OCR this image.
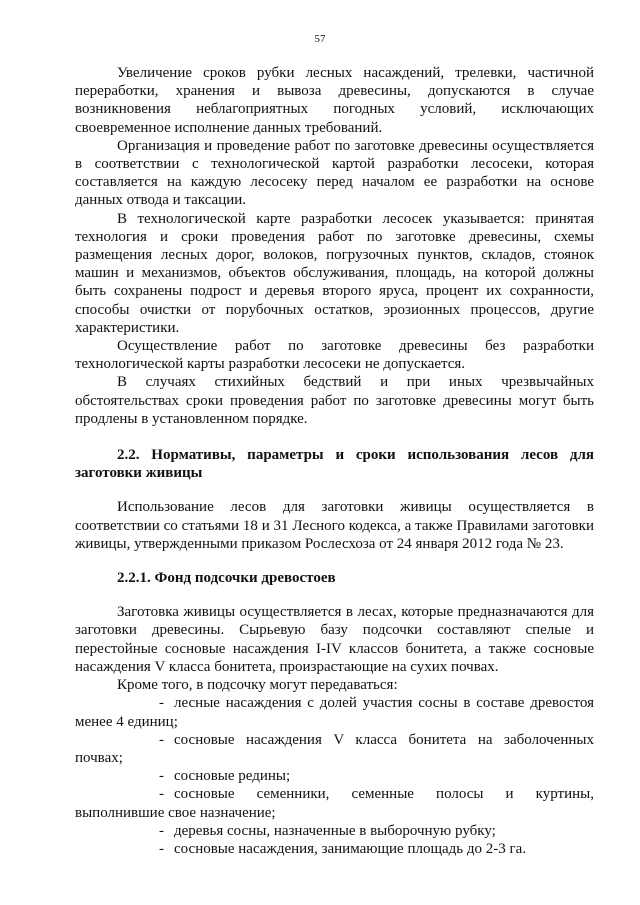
57

Увеличение сроков рубки лесных насаждений, трелевки, частичной переработки, хранения и вывоза древесины, допускаются в случае возникновения неблагоприятных погодных условий, исключающих своевременное исполнение данных требований.

Организация и проведение работ по заготовке древесины осуществляется в соответствии с технологической картой разработки лесосеки, которая составляется на каждую лесосеку перед началом ее разработки на основе данных отвода и таксации.

В технологической карте разработки лесосек указывается: принятая технология и сроки проведения работ по заготовке древесины, схемы размещения лесных дорог, волоков, погрузочных пунктов, складов, стоянок машин и механизмов, объектов обслуживания, площадь, на которой должны быть сохранены подрост и деревья второго яруса, процент их сохранности, способы очистки от порубочных остатков, эрозионных процессов, другие характеристики.

Осуществление работ по заготовке древесины без разработки технологической карты разработки лесосеки не допускается.

В случаях стихийных бедствий и при иных чрезвычайных обстоятельствах сроки проведения работ по заготовке древесины могут быть продлены в установленном порядке.

2.2. Нормативы, параметры и сроки использования лесов для заготовки живицы

Использование лесов для заготовки живицы осуществляется в соответствии со статьями 18 и 31 Лесного кодекса, а также Правилами заготовки живицы, утвержденными приказом Рослесхоза от 24 января 2012 года № 23.

2.2.1. Фонд подсочки древостоев

Заготовка живицы осуществляется в лесах, которые предназначаются для заготовки древесины. Сырьевую базу подсочки составляют спелые и перестойные сосновые насаждения I-IV классов бонитета, а также сосновые насаждения V класса бонитета, произрастающие на сухих почвах.

Кроме того, в подсочку могут передаваться:

- лесные насаждения с долей участия сосны в составе древостоя менее 4 единиц;

- сосновые насаждения V класса бонитета на заболоченных почвах;

- сосновые редины;

- сосновые семенники, семенные полосы и куртины, выполнившие свое назначение;

- деревья сосны, назначенные в выборочную рубку;

- сосновые насаждения, занимающие площадь до 2-3 га.
